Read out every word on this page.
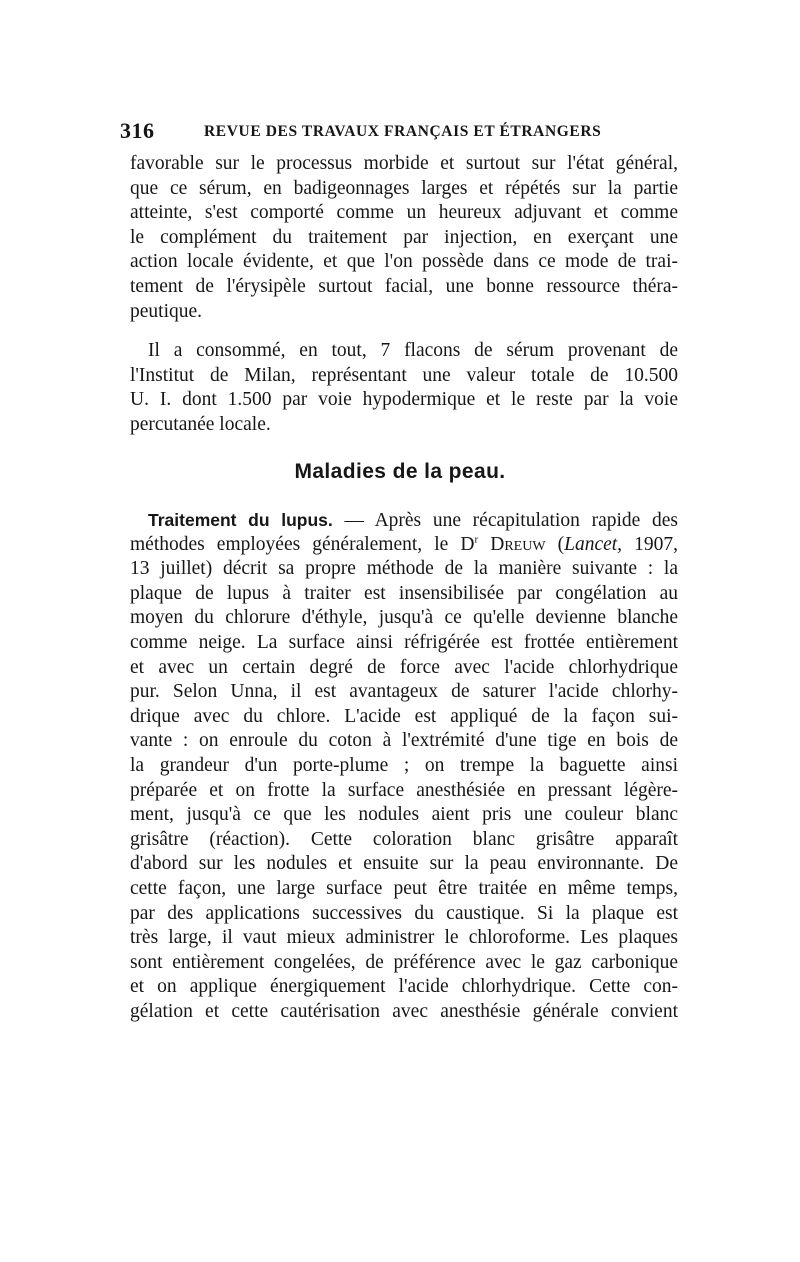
316	REVUE DES TRAVAUX FRANÇAIS ET ÉTRANGERS
favorable sur le processus morbide et surtout sur l'état général,
que ce sérum, en badigeonnages larges et répétés sur la partie
atteinte, s'est comporté comme un heureux adjuvant et comme
le complément du traitement par injection, en exerçant une
action locale évidente, et que l'on possède dans ce mode de trai-
tement de l'érysipèle surtout facial, une bonne ressource théra-
peutique.
Il a consommé, en tout, 7 flacons de sérum provenant de
l'Institut de Milan, représentant une valeur totale de 10.500
U. I. dont 1.500 par voie hypodermique et le reste par la voie
percutanée locale.
Maladies de la peau.
Traitement du lupus. — Après une récapitulation rapide des
méthodes employées généralement, le $D^r$ Dreuw (Lancet, 1907,
13 juillet) décrit sa propre méthode de la manière suivante : la
plaque de lupus à traiter est insensibilisée par congélation au
moyen du chlorure d'éthyle, jusqu'à ce qu'elle devienne blanche
comme neige. La surface ainsi réfrigérée est frottée entièrement
et avec un certain degré de force avec l'acide chlorhydrique
pur. Selon Unna, il est avantageux de saturer l'acide chlorhy-
drique avec du chlore. L'acide est appliqué de la façon sui-
vante : on enroule du coton à l'extrémité d'une tige en bois de
la grandeur d'un porte-plume ; on trempe la baguette ainsi
préparée et on frotte la surface anesthésiée en pressant légère-
ment, jusqu'à ce que les nodules aient pris une couleur blanc
grisâtre (réaction). Cette coloration blanc grisâtre apparaît
d'abord sur les nodules et ensuite sur la peau environnante. De
cette façon, une large surface peut être traitée en même temps,
par des applications successives du caustique. Si la plaque est
très large, il vaut mieux administrer le chloroforme. Les plaques
sont entièrement congelées, de préférence avec le gaz carbonique
et on applique énergiquement l'acide chlorhydrique. Cette con-
gélation et cette cautérisation avec anesthésie générale convient
